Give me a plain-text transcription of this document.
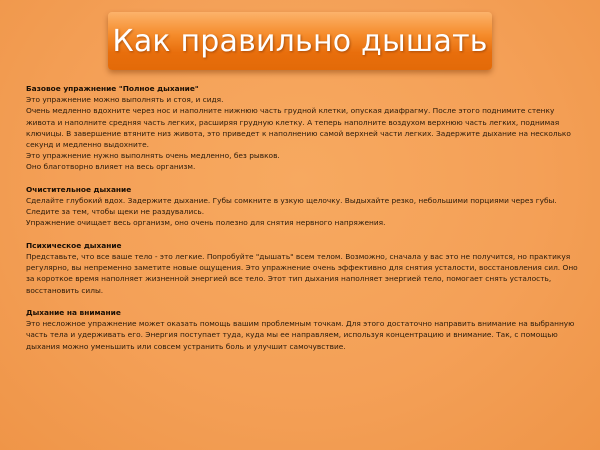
Как правильно дышать
Базовое упражнение "Полное дыхание"

Это упражнение можно выполнять и стоя, и сидя.

Очень медленно вдохните через нос и наполните нижнюю часть грудной клетки, опуская диафрагму. После этого поднимите стенку живота и наполните средняя часть легких, расширяя грудную клетку. А теперь наполните воздухом верхнюю часть легких, поднимая ключицы. В завершение втяните низ живота, это приведет к наполнению самой верхней части легких. Задержите дыхание на несколько секунд и медленно выдохните.

Это упражнение нужно выполнять очень медленно, без рывков.

Оно благотворно влияет на весь организм.

Очистительное дыхание

Сделайте глубокий вдох. Задержите дыхание. Губы сомкните в узкую щелочку. Выдыхайте резко, небольшими порциями через губы. Следите за тем, чтобы щеки не раздувались.

Упражнение очищает весь организм, оно очень полезно для снятия нервного напряжения.

Психическое дыхание

Представьте, что все ваше тело - это легкие. Попробуйте "дышать" всем телом. Возможно, сначала у вас это не получится, но практикуя регулярно, вы непременно заметите новые ощущения. Это упражнение очень эффективно для снятия усталости, восстановления сил. Оно за короткое время наполняет жизненной энергией все тело. Этот тип дыхания наполняет энергией тело, помогает снять усталость, восстановить силы.

Дыхание на внимание

Это несложное упражнение может оказать помощь вашим проблемным точкам. Для этого достаточно направить внимание на выбранную часть тела и удерживать его. Энергия поступает туда, куда мы ее направляем, используя концентрацию и внимание. Так, с помощью дыхания можно уменьшить или совсем устранить боль и улучшит самочувствие.
